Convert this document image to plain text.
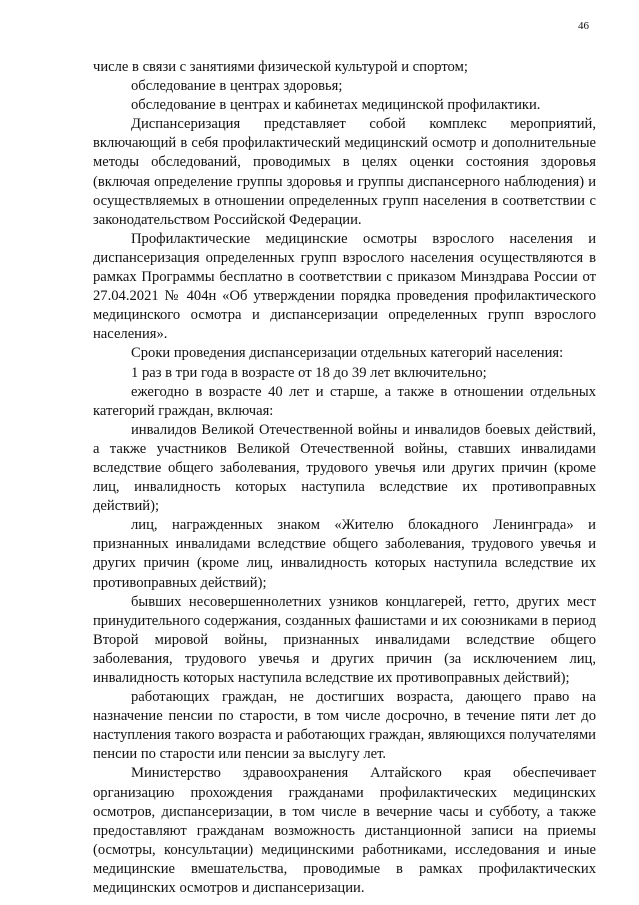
46

числе в связи с занятиями физической культурой и спортом;

обследование в центрах здоровья;

обследование в центрах и кабинетах медицинской профилактики.

Диспансеризация представляет собой комплекс мероприятий, включающий в себя профилактический медицинский осмотр и дополнительные методы обследований, проводимых в целях оценки состояния здоровья (включая определение группы здоровья и группы диспансерного наблюдения) и осуществляемых в отношении определенных групп населения в соответствии с законодательством Российской Федерации.

Профилактические медицинские осмотры взрослого населения и диспансеризация определенных групп взрослого населения осуществляются в рамках Программы бесплатно в соответствии с приказом Минздрава России от 27.04.2021 № 404н «Об утверждении порядка проведения профилактического медицинского осмотра и диспансеризации определенных групп взрослого населения».

Сроки проведения диспансеризации отдельных категорий населения:

1 раз в три года в возрасте от 18 до 39 лет включительно;

ежегодно в возрасте 40 лет и старше, а также в отношении отдельных категорий граждан, включая:

инвалидов Великой Отечественной войны и инвалидов боевых действий, а также участников Великой Отечественной войны, ставших инвалидами вследствие общего заболевания, трудового увечья или других причин (кроме лиц, инвалидность которых наступила вследствие их противоправных действий);

лиц, награжденных знаком «Жителю блокадного Ленинграда» и признанных инвалидами вследствие общего заболевания, трудового увечья и других причин (кроме лиц, инвалидность которых наступила вследствие их противоправных действий);

бывших несовершеннолетних узников концлагерей, гетто, других мест принудительного содержания, созданных фашистами и их союзниками в период Второй мировой войны, признанных инвалидами вследствие общего заболевания, трудового увечья и других причин (за исключением лиц, инвалидность которых наступила вследствие их противоправных действий);

работающих граждан, не достигших возраста, дающего право на назначение пенсии по старости, в том числе досрочно, в течение пяти лет до наступления такого возраста и работающих граждан, являющихся получателями пенсии по старости или пенсии за выслугу лет.

Министерство здравоохранения Алтайского края обеспечивает организацию прохождения гражданами профилактических медицинских осмотров, диспансеризации, в том числе в вечерние часы и субботу, а также предоставляют гражданам возможность дистанционной записи на приемы (осмотры, консультации) медицинскими работниками, исследования и иные медицинские вмешательства, проводимые в рамках профилактических медицинских осмотров и диспансеризации.
